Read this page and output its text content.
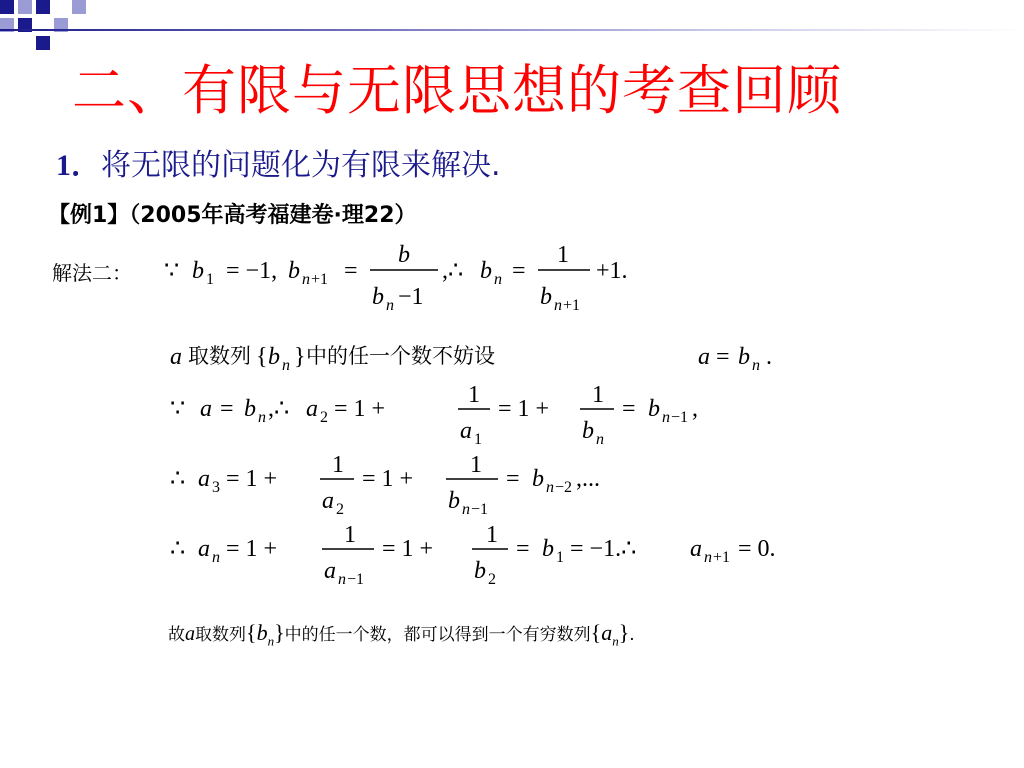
二、有限与无限思想的考查回顾
1．将无限的问题化为有限来解决.
【例1】（2005年高考福建卷·理22）
解法二： ∵ b 1 = −1, b n +1 =
b
b n −1
,∴ b n =
1
b n +1
+1.
a 取数列 { b n } 中的任一个数不妨设	a = b n .
∵ a = b n ,∴ a 2 = 1 +
1
a 1
= 1 +
1
b n
= b n −1 ,
∴ a 3 = 1 +
1
a 2
= 1 +
1
b n −1
= b n −2 ,...
∴ a n = 1 +
1
a n −1
= 1 +
1
b 2
= b 1 = −1.∴ a n +1 = 0.
故a取数列$\{b_n\}$中的任一个数，都可以得到一个有穷数列$\{a_n\}$.
